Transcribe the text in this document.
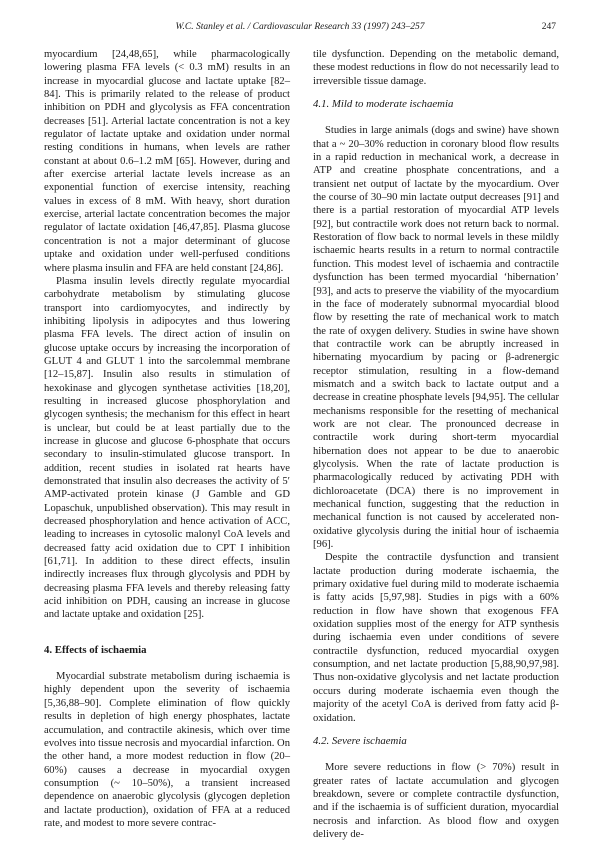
W.C. Stanley et al. / Cardiovascular Research 33 (1997) 243–257	247

myocardium [24,48,65], while pharmacologically lowering plasma FFA levels (< 0.3 mM) results in an increase in myocardial glucose and lactate uptake [82–84]. This is primarily related to the release of product inhibition on PDH and glycolysis as FFA concentration decreases [51]. Arterial lactate concentration is not a key regulator of lactate uptake and oxidation under normal resting conditions in humans, when levels are rather constant at about 0.6–1.2 mM [65]. However, during and after exercise arterial lactate levels increase as an exponential function of exercise intensity, reaching values in excess of 8 mM. With heavy, short duration exercise, arterial lactate concentration becomes the major regulator of lactate oxidation [46,47,85]. Plasma glucose concentration is not a major determinant of glucose uptake and oxidation under well-perfused conditions where plasma insulin and FFA are held constant [24,86].

Plasma insulin levels directly regulate myocardial carbohydrate metabolism by stimulating glucose transport into cardiomyocytes, and indirectly by inhibiting lipolysis in adipocytes and thus lowering plasma FFA levels. The direct action of insulin on glucose uptake occurs by increasing the incorporation of GLUT 4 and GLUT 1 into the sarcolemmal membrane [12–15,87]. Insulin also results in stimulation of hexokinase and glycogen synthetase activities [18,20], resulting in increased glucose phosphorylation and glycogen synthesis; the mechanism for this effect in heart is unclear, but could be at least partially due to the increase in glucose and glucose 6-phosphate that occurs secondary to insulin-stimulated glucose transport. In addition, recent studies in isolated rat hearts have demonstrated that insulin also decreases the activity of 5′ AMP-activated protein kinase (J Gamble and GD Lopaschuk, unpublished observation). This may result in decreased phosphorylation and hence activation of ACC, leading to increases in cytosolic malonyl CoA levels and decreased fatty acid oxidation due to CPT I inhibition [61,71]. In addition to these direct effects, insulin indirectly increases flux through glycolysis and PDH by decreasing plasma FFA levels and thereby releasing fatty acid inhibition on PDH, causing an increase in glucose and lactate uptake and oxidation [25].

4. Effects of ischaemia

Myocardial substrate metabolism during ischaemia is highly dependent upon the severity of ischaemia [5,36,88–90]. Complete elimination of flow quickly results in depletion of high energy phosphates, lactate accumulation, and contractile akinesis, which over time evolves into tissue necrosis and myocardial infarction. On the other hand, a more modest reduction in flow (20–60%) causes a decrease in myocardial oxygen consumption (~ 10–50%), a transient increased dependence on anaerobic glycolysis (glycogen depletion and lactate production), oxidation of FFA at a reduced rate, and modest to more severe contrac-

tile dysfunction. Depending on the metabolic demand, these modest reductions in flow do not necessarily lead to irreversible tissue damage.

4.1. Mild to moderate ischaemia

Studies in large animals (dogs and swine) have shown that a ~ 20–30% reduction in coronary blood flow results in a rapid reduction in mechanical work, a decrease in ATP and creatine phosphate concentrations, and a transient net output of lactate by the myocardium. Over the course of 30–90 min lactate output decreases [91] and there is a partial restoration of myocardial ATP levels [92], but contractile work does not return back to normal. Restoration of flow back to normal levels in these mildly ischaemic hearts results in a return to normal contractile function. This modest level of ischaemia and contractile dysfunction has been termed myocardial ‘hibernation’ [93], and acts to preserve the viability of the myocardium in the face of moderately subnormal myocardial blood flow by resetting the rate of mechanical work to match the rate of oxygen delivery. Studies in swine have shown that contractile work can be abruptly increased in hibernating myocardium by pacing or β-adrenergic receptor stimulation, resulting in a flow-demand mismatch and a switch back to lactate output and a decrease in creatine phosphate levels [94,95]. The cellular mechanisms responsible for the resetting of mechanical work are not clear. The pronounced decrease in contractile work during short-term myocardial hibernation does not appear to be due to anaerobic glycolysis. When the rate of lactate production is pharmacologically reduced by activating PDH with dichloroacetate (DCA) there is no improvement in mechanical function, suggesting that the reduction in mechanical function is not caused by accelerated non-oxidative glycolysis during the initial hour of ischaemia [96].

Despite the contractile dysfunction and transient lactate production during moderate ischaemia, the primary oxidative fuel during mild to moderate ischaemia is fatty acids [5,97,98]. Studies in pigs with a 60% reduction in flow have shown that exogenous FFA oxidation supplies most of the energy for ATP synthesis during ischaemia even under conditions of severe contractile dysfunction, reduced myocardial oxygen consumption, and net lactate production [5,88,90,97,98]. Thus non-oxidative glycolysis and net lactate production occurs during moderate ischaemia even though the majority of the acetyl CoA is derived from fatty acid β-oxidation.

4.2. Severe ischaemia

More severe reductions in flow (> 70%) result in greater rates of lactate accumulation and glycogen breakdown, severe or complete contractile dysfunction, and if the ischaemia is of sufficient duration, myocardial necrosis and infarction. As blood flow and oxygen delivery de-
